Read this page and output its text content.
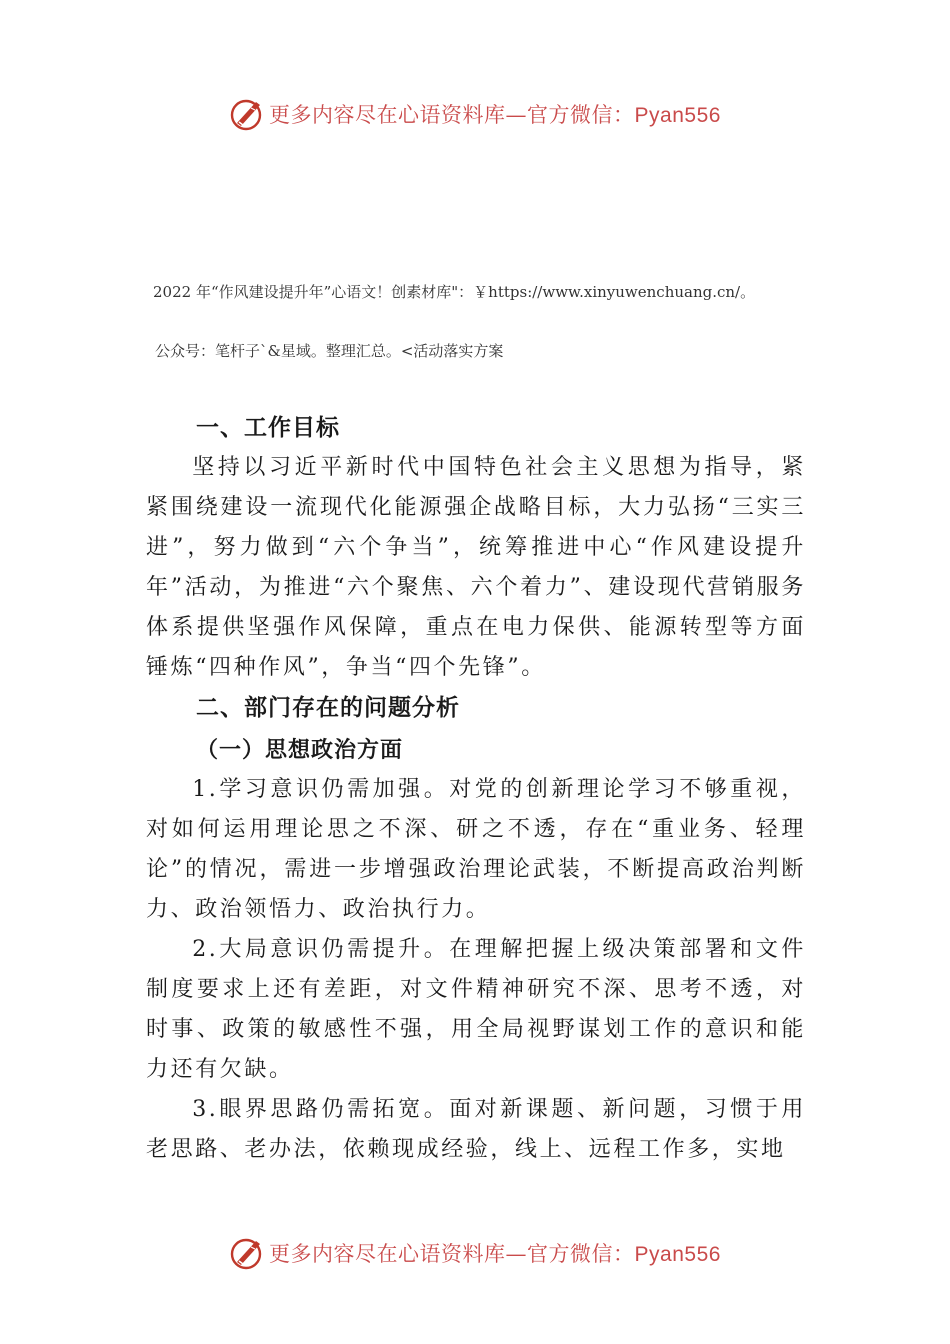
更多内容尽在心语资料库—官方微信：Pyan556
2022 年“作风建设提升年”心语文！创素材库"：￥https://www.xinyuwenchuang.cn/。
公众号：笔杆子`&星域。整理汇总。<活动落实方案
一、工作目标

坚持以习近平新时代中国特色社会主义思想为指导，紧紧围绕建设一流现代化能源强企战略目标，大力弘扬“三实三进”，努力做到“六个争当”，统筹推进中心“作风建设提升年”活动，为推进“六个聚焦、六个着力”、建设现代营销服务体系提供坚强作风保障，重点在电力保供、能源转型等方面锤炼“四种作风”，争当“四个先锋”。

二、部门存在的问题分析
（一）思想政治方面

1.学习意识仍需加强。对党的创新理论学习不够重视，对如何运用理论思之不深、研之不透，存在“重业务、轻理论”的情况，需进一步增强政治理论武装，不断提高政治判断力、政治领悟力、政治执行力。

2.大局意识仍需提升。在理解把握上级决策部署和文件制度要求上还有差距，对文件精神研究不深、思考不透，对时事、政策的敏感性不强，用全局视野谋划工作的意识和能力还有欠缺。

3.眼界思路仍需拓宽。面对新课题、新问题，习惯于用老思路、老办法，依赖现成经验，线上、远程工作多，实地

更多内容尽在心语资料库—官方微信：Pyan556
